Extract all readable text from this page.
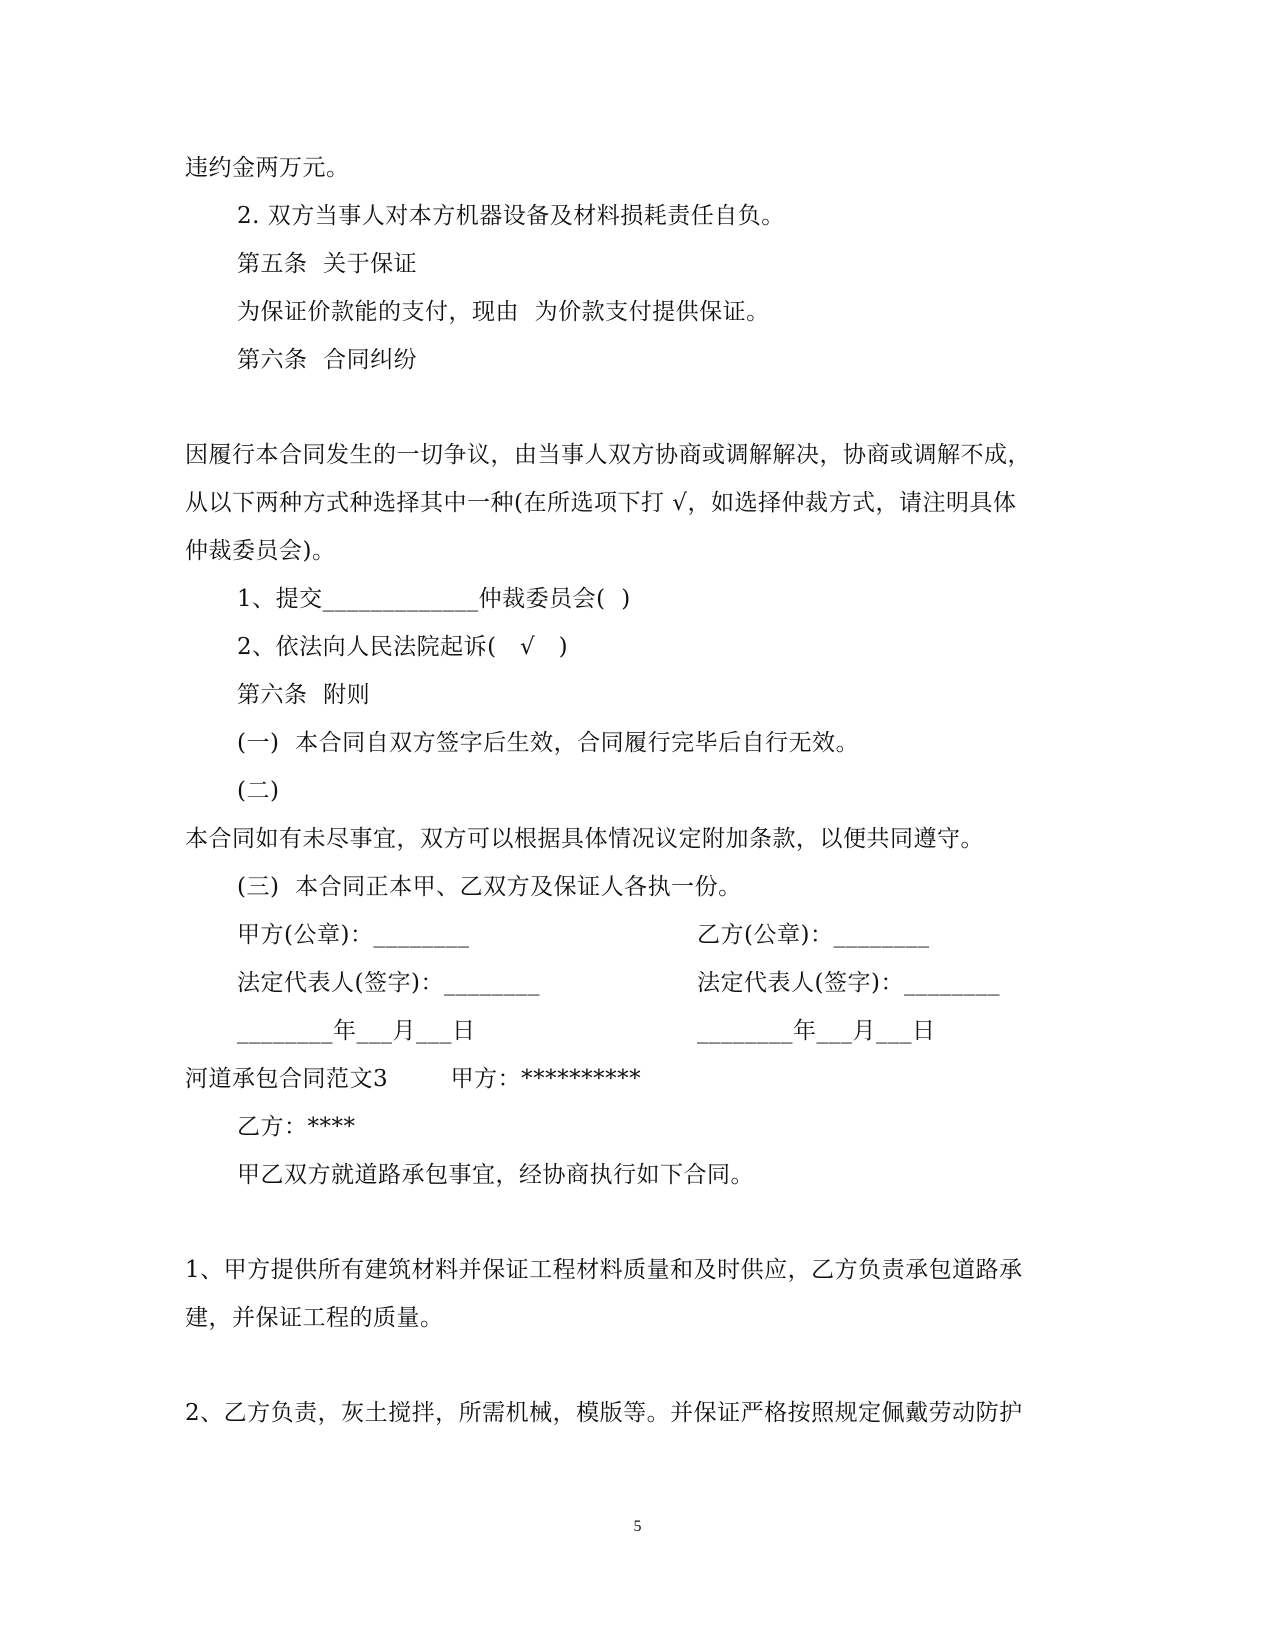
违约金两万元。
2. 双方当事人对本方机器设备及材料损耗责任自负。
第五条  关于保证
为保证价款能的支付，现由  为价款支付提供保证。
第六条  合同纠纷
因履行本合同发生的一切争议，由当事人双方协商或调解解决，协商或调解不成，
从以下两种方式种选择其中一种(在所选项下打 √，如选择仲裁方式，请注明具体
仲裁委员会)。
1、提交_____________仲裁委员会(  )
2、依法向人民法院起诉(   √   )
第六条  附则
(一)  本合同自双方签字后生效，合同履行完毕后自行无效。
(二)
本合同如有未尽事宜，双方可以根据具体情况议定附加条款，以便共同遵守。
(三)  本合同正本甲、乙双方及保证人各执一份。
甲方(公章)：________	乙方(公章)：________
法定代表人(签字)：________	法定代表人(签字)：________
________年___月___日	________年___月___日
河道承包合同范文3        甲方：**********
乙方：****
甲乙双方就道路承包事宜，经协商执行如下合同。
1、甲方提供所有建筑材料并保证工程材料质量和及时供应，乙方负责承包道路承
建，并保证工程的质量。
2、乙方负责，灰土搅拌，所需机械，模版等。并保证严格按照规定佩戴劳动防护
5
